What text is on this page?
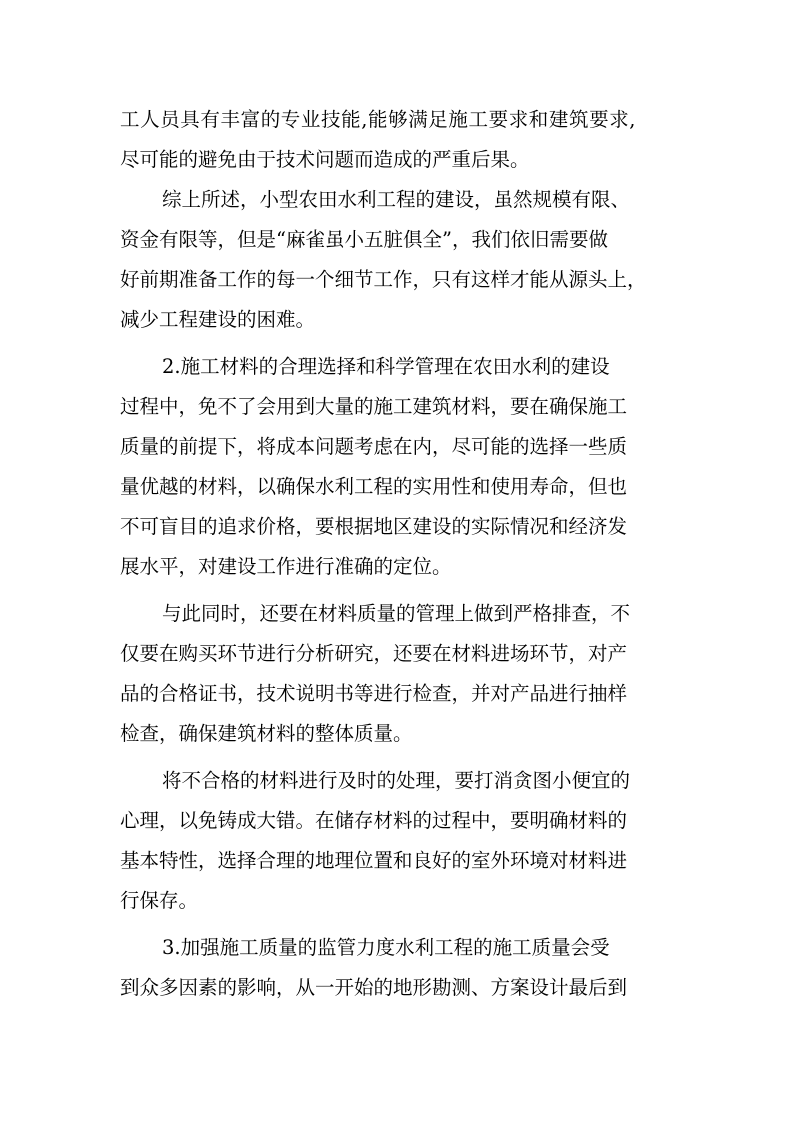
工人员具有丰富的专业技能,能够满足施工要求和建筑要求,
尽可能的避免由于技术问题而造成的严重后果。
综上所述，小型农田水利工程的建设，虽然规模有限、
资金有限等，但是“麻雀虽小五脏俱全”，我们依旧需要做
好前期准备工作的每一个细节工作，只有这样才能从源头上，
减少工程建设的困难。
2.施工材料的合理选择和科学管理在农田水利的建设
过程中，免不了会用到大量的施工建筑材料，要在确保施工
质量的前提下，将成本问题考虑在内，尽可能的选择一些质
量优越的材料，以确保水利工程的实用性和使用寿命，但也
不可盲目的追求价格，要根据地区建设的实际情况和经济发
展水平，对建设工作进行准确的定位。
与此同时，还要在材料质量的管理上做到严格排查，不
仅要在购买环节进行分析研究，还要在材料进场环节，对产
品的合格证书，技术说明书等进行检查，并对产品进行抽样
检查，确保建筑材料的整体质量。
将不合格的材料进行及时的处理，要打消贪图小便宜的
心理，以免铸成大错。在储存材料的过程中，要明确材料的
基本特性，选择合理的地理位置和良好的室外环境对材料进
行保存。
3.加强施工质量的监管力度水利工程的施工质量会受
到众多因素的影响，从一开始的地形勘测、方案设计最后到
